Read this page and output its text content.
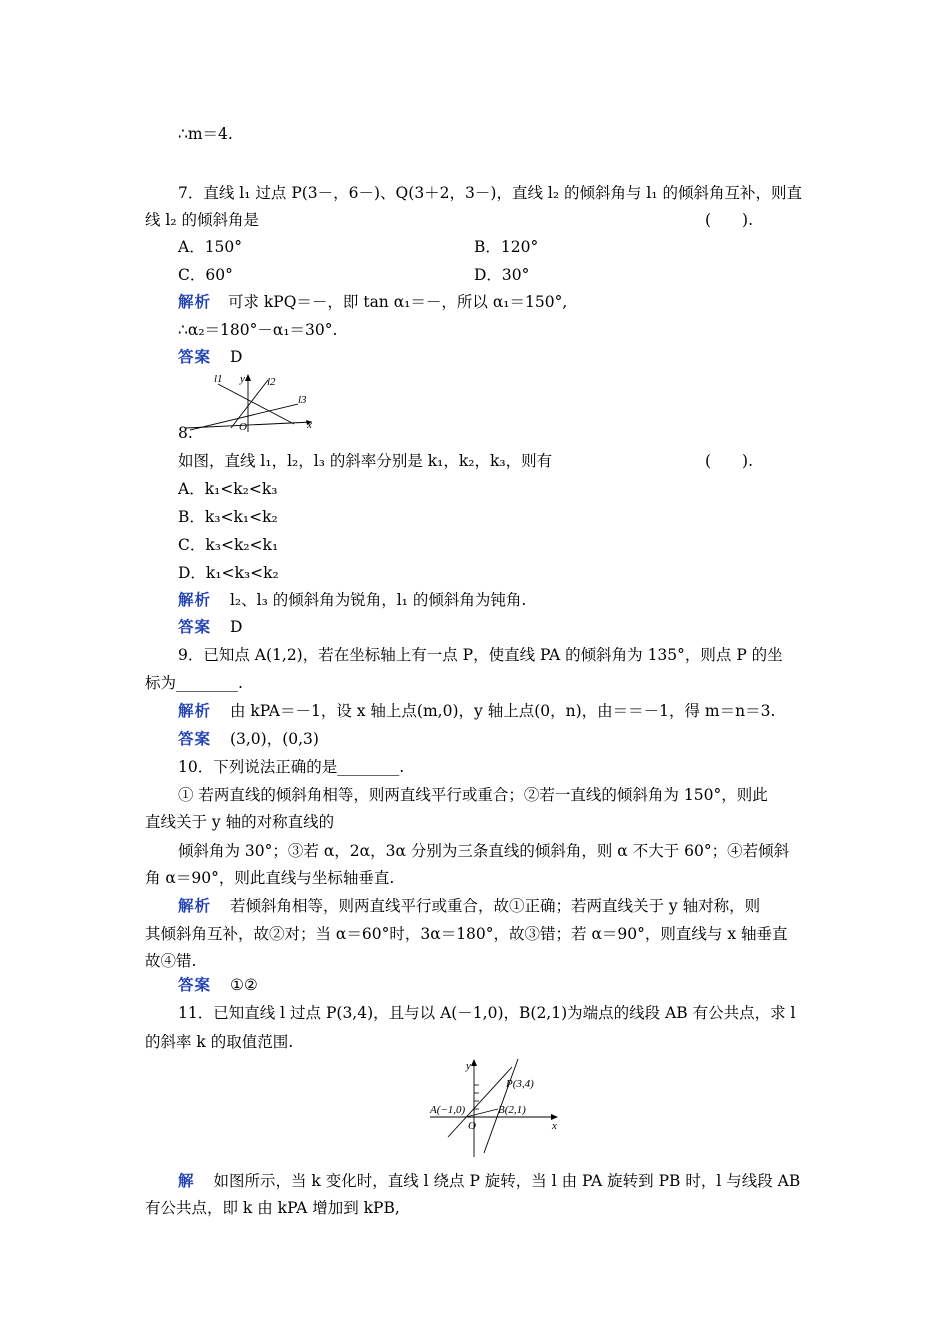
∴m＝4.
7．直线 l₁ 过点 P(3－，6－)、Q(3＋2，3－)，直线 l₂ 的倾斜角与 l₁ 的倾斜角互补，则直
线 l₂ 的倾斜角是	(　　).
A．150°	B．120°
C．60°	D．30°
解析 可求 kPQ＝－，即 tan α₁＝－，所以 α₁＝150°,
∴α₂＝180°－α₁＝30°.
答案 D
l1 y l2
l3
O	x
8.
如图，直线 l₁，l₂，l₃ 的斜率分别是 k₁，k₂，k₃，则有	(　　).
A．k₁<k₂<k₃
B．k₃<k₁<k₂
C．k₃<k₂<k₁
D．k₁<k₃<k₂
解析 l₂、l₃ 的倾斜角为锐角，l₁ 的倾斜角为钝角.
答案 D
9．已知点 A(1,2)，若在坐标轴上有一点 P，使直线 PA 的倾斜角为 135°，则点 P 的坐
标为________.
解析 由 kPA＝－1，设 x 轴上点(m,0)，y 轴上点(0，n)，由＝＝－1，得 m＝n＝3.
答案 (3,0)，(0,3)
10．下列说法正确的是________.
① 若两直线的倾斜角相等，则两直线平行或重合；②若一直线的倾斜角为 150°，则此
直线关于 y 轴的对称直线的
倾斜角为 30°；③若 α，2α，3α 分别为三条直线的倾斜角，则 α 不大于 60°；④若倾斜
角 α＝90°，则此直线与坐标轴垂直.
解析 若倾斜角相等，则两直线平行或重合，故①正确；若两直线关于 y 轴对称，则
其倾斜角互补，故②对；当 α＝60°时，3α＝180°，故③错；若 α＝90°，则直线与 x 轴垂直
故④错.
答案 ①②
11．已知直线 l 过点 P(3,4)，且与以 A(－1,0)，B(2,1)为端点的线段 AB 有公共点，求 l
的斜率 k 的取值范围.
y
x
O
P(3,4)
A(−1,0)	B(2,1)
解 如图所示，当 k 变化时，直线 l 绕点 P 旋转，当 l 由 PA 旋转到 PB 时，l 与线段 AB
有公共点，即 k 由 kPA 增加到 kPB,
